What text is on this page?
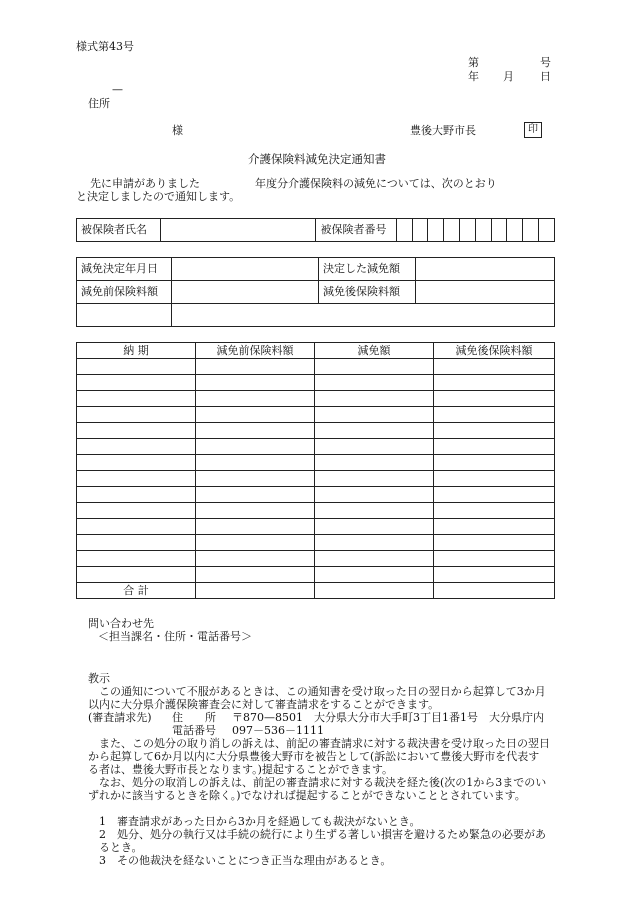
様式第43号
第	号
年 月 日
—
住所
様	豊後大野市長	印
介護保険料減免決定通知書
先に申請がありました	年度分介護保険料の減免については、次のとおり
と決定しましたので通知します。
被保険者氏名		被保険者番号										
減免決定年月日		決定した減免額	
減免前保険料額		減免後保険料額	

納 期	減免前保険料額	減免額	減免後保険料額

合 計			
問い合わせ先
＜担当課名・住所・電話番号＞
教示
この通知について不服があるときは、この通知書を受け取った日の翌日から起算して3か月以内に大分県介護保険審査会に対して審査請求をすることができます。
(審査請求先) 住　　所 〒870—8501　大分県大分市大手町3丁目1番1号　大分県庁内
電話番号 097－536－1111
また、この処分の取り消しの訴えは、前記の審査請求に対する裁決書を受け取った日の翌日から起算して6か月以内に大分県豊後大野市を被告として(訴訟において豊後大野市を代表する者は、豊後大野市長となります。)提起することができます。
なお、処分の取消しの訴えは、前記の審査請求に対する裁決を経た後(次の1から3までのいずれかに該当するときを除く。)でなければ提起することができないこととされています。
1　審査請求があった日から3か月を経過しても裁決がないとき。
2　処分、処分の執行又は手続の続行により生ずる著しい損害を避けるため緊急の必要があるとき。
3　その他裁決を経ないことにつき正当な理由があるとき。
